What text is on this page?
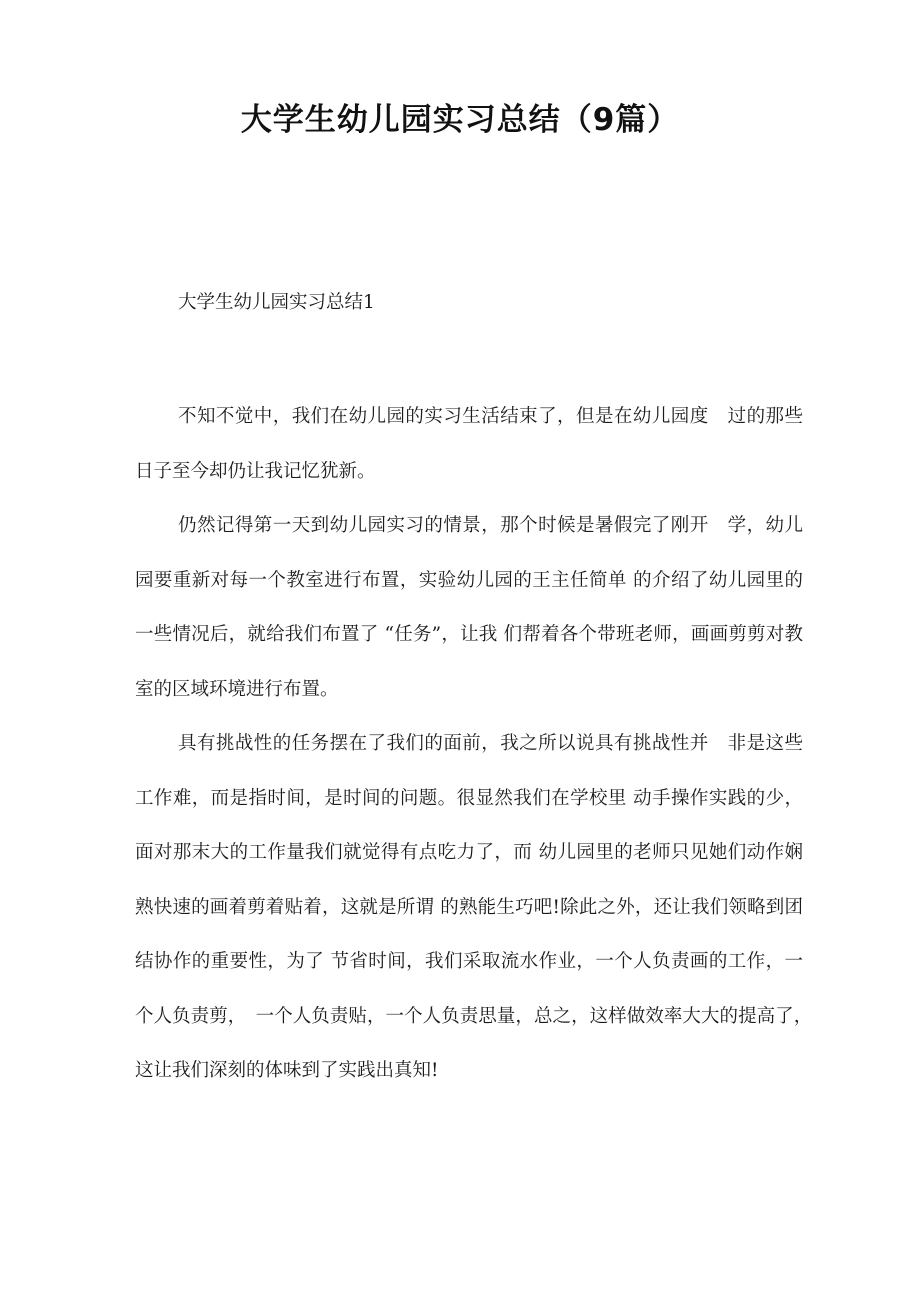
大学生幼儿园实习总结（9篇）

大学生幼儿园实习总结1

不知不觉中，我们在幼儿园的实习生活结束了，但是在幼儿园度　过的那些日子至今却仍让我记忆犹新。

仍然记得第一天到幼儿园实习的情景，那个时候是暑假完了刚开　学，幼儿园要重新对每一个教室进行布置，实验幼儿园的王主任简单 的介绍了幼儿园里的一些情况后，就给我们布置了 “任务”，让我 们帮着各个带班老师，画画剪剪对教室的区域环境进行布置。

具有挑战性的任务摆在了我们的面前，我之所以说具有挑战性并　非是这些工作难，而是指时间，是时间的问题。很显然我们在学校里 动手操作实践的少，面对那末大的工作量我们就觉得有点吃力了，而 幼儿园里的老师只见她们动作娴熟快速的画着剪着贴着，这就是所谓 的熟能生巧吧!除此之外，还让我们领略到团结协作的重要性，为了 节省时间，我们采取流水作业，一个人负责画的工作，一个人负责剪，　一个人负责贴，一个人负责思量，总之，这样做效率大大的提高了，　这让我们深刻的体味到了实践出真知!
